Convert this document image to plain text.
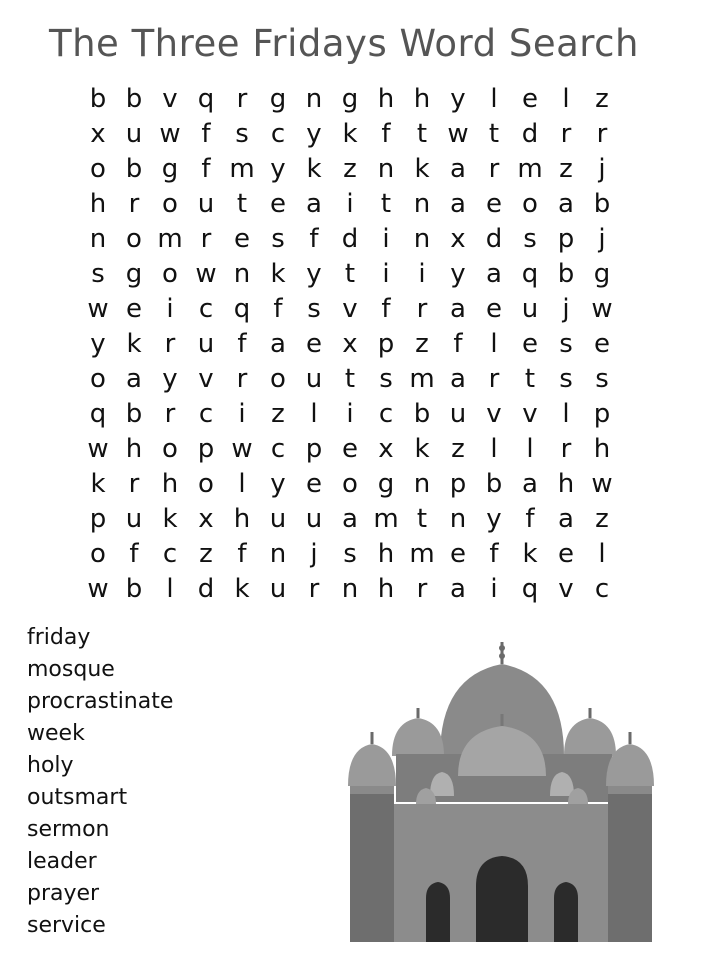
The Three Fridays Word Search
b b v q r g n g h h y l e l z
x u w f s c y k f	t w t d r r
o b g f m y k z n k a r m z j
h r o u t e a i	t n a e o a b
n o m r e s f d i n x d s p j
s g o w n k y t	i	i y a q b g
w e i c q f s v f	r a e u j w
y k r u f a e x p z f	l e s e
o a y v r o u t s m a r t s s
q b r c i z l	i c b u v v l p
w h o p w c p e x k z l	l	r h
k r h o l y e o g n p b a h w
p u k x h u u a m t n y f a z
o f c z f n j s h m e f k e l
w b l d k u r n h r a i q v c
friday
mosque
procrastinate
week
holy
outsmart
sermon
leader
prayer
service
